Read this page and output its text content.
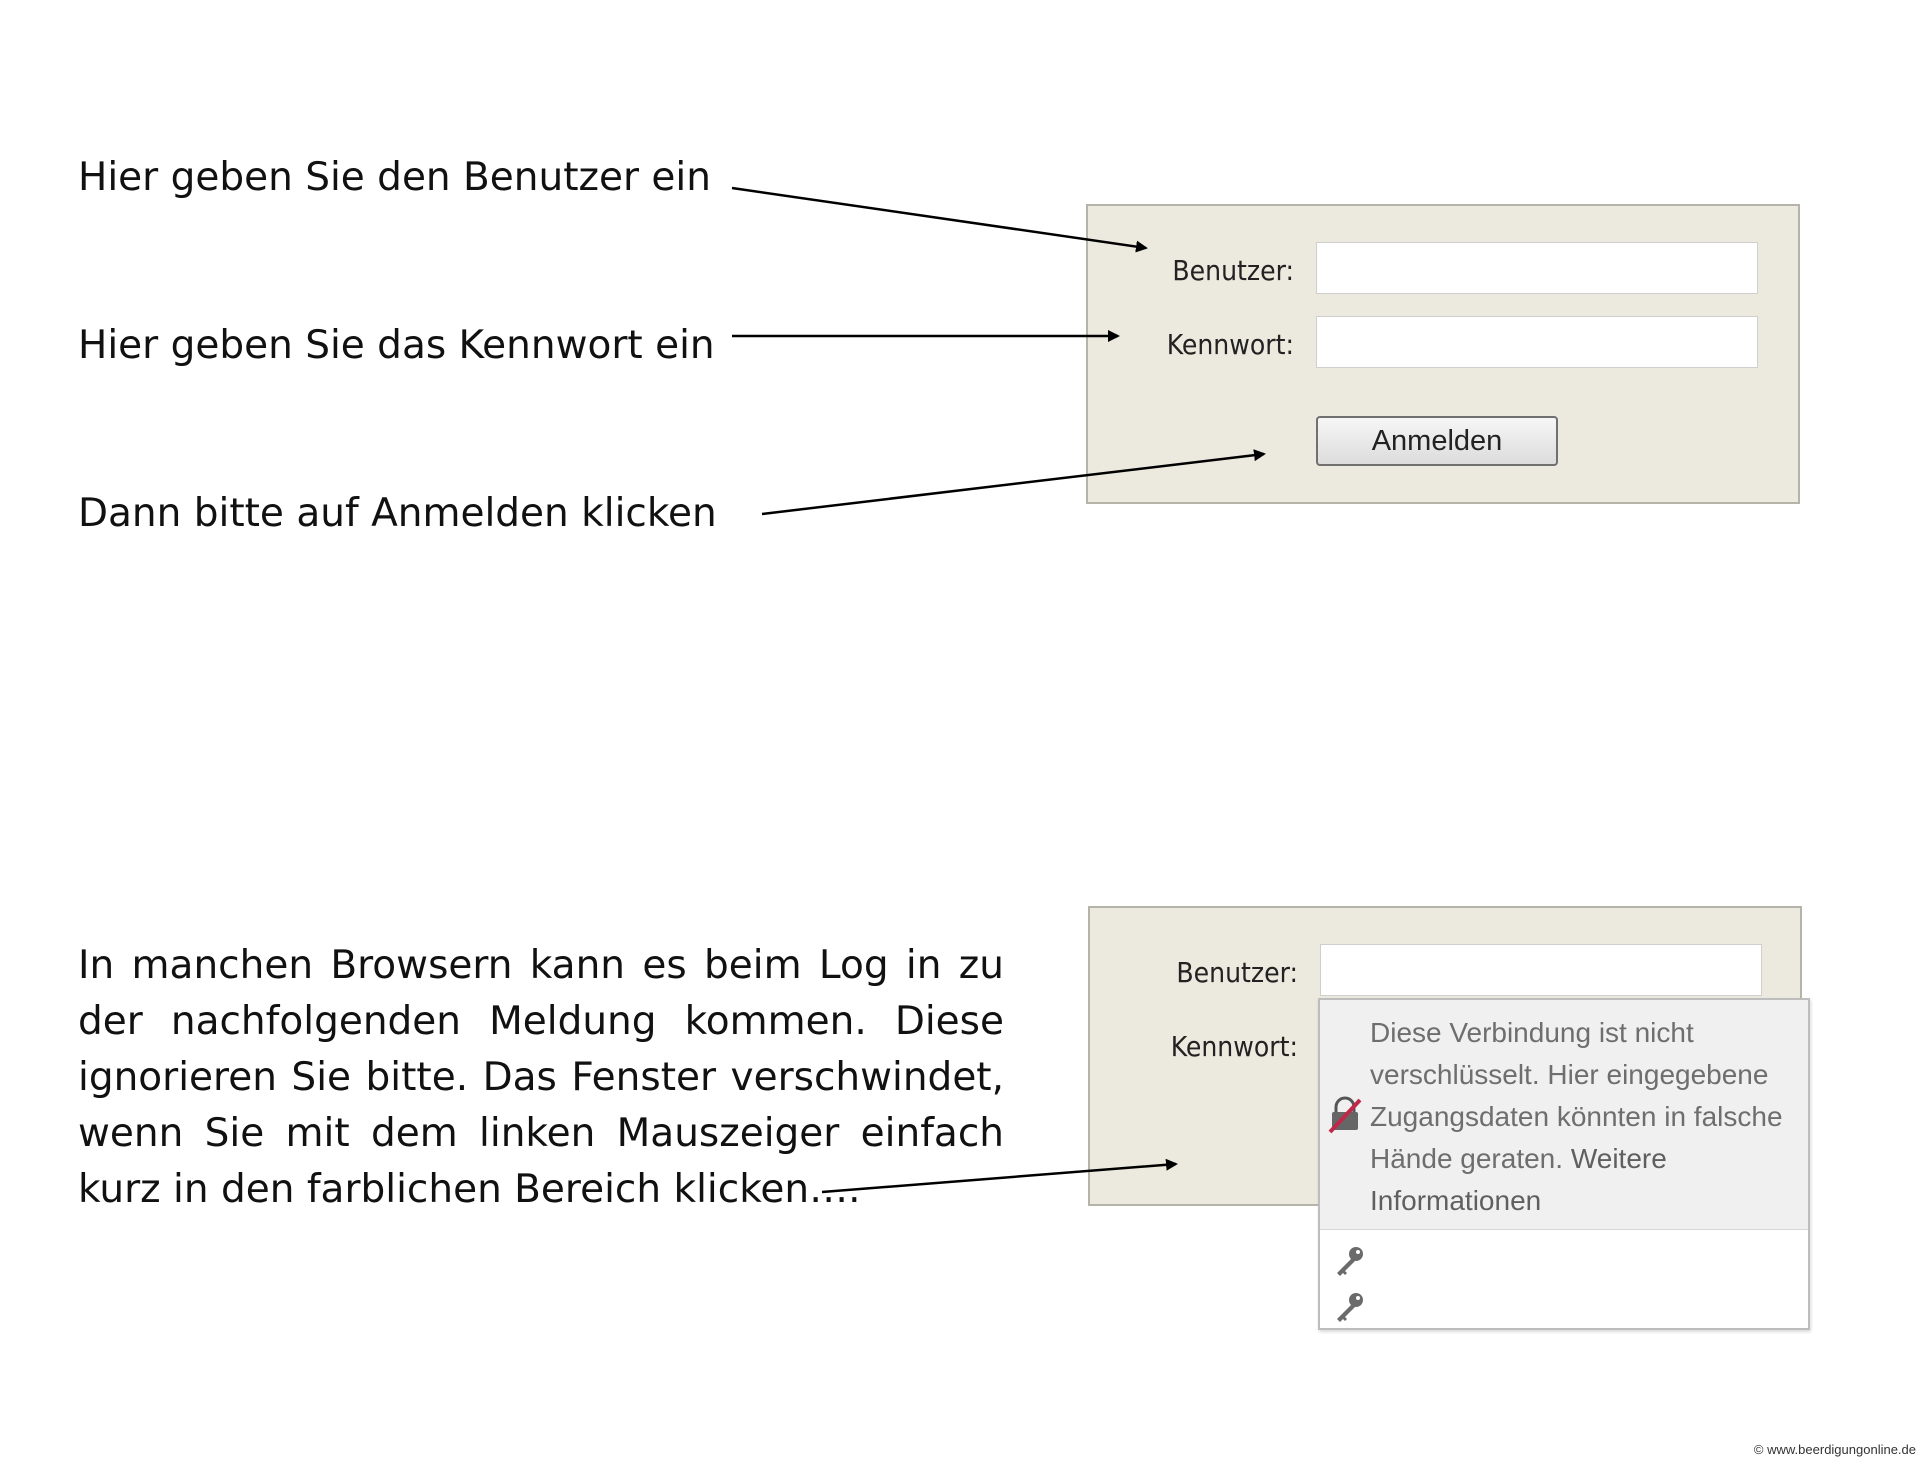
Hier geben Sie den Benutzer ein
Hier geben Sie das Kennwort ein
Dann bitte auf Anmelden klicken
Benutzer:
Kennwort:
Anmelden
In manchen Browsern kann es beim Log in zu der nachfolgenden Meldung kommen. Diese ignorieren Sie bitte. Das Fenster verschwindet, wenn Sie mit dem linken Mauszeiger einfach kurz in den farblichen Bereich klicken….
Benutzer:
Kennwort:	Diese Verbindung ist nicht verschlüsselt. Hier eingegebene Zugangsdaten könnten in falsche Hände geraten. Weitere Informationen
© www.beerdigungonline.de
